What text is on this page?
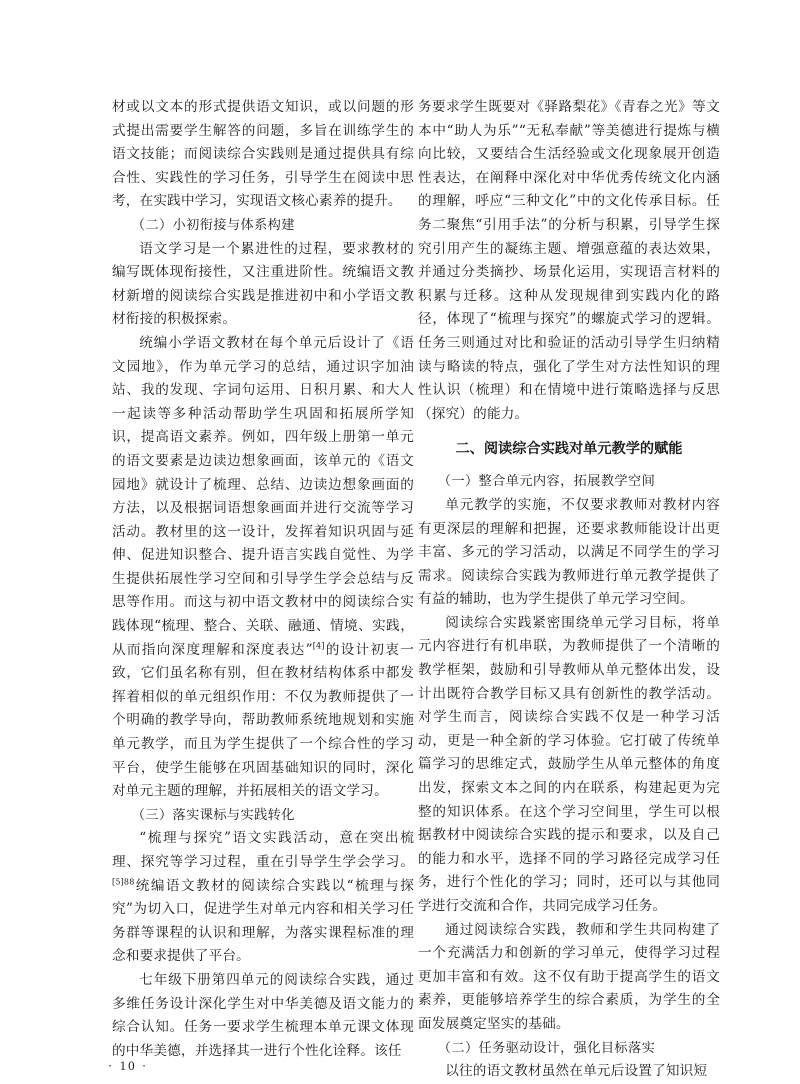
材或以文本的形式提供语文知识，或以问题的形式提出需要学生解答的问题，多旨在训练学生的语文技能；而阅读综合实践则是通过提供具有综合性、实践性的学习任务，引导学生在阅读中思考，在实践中学习，实现语文核心素养的提升。

（二）小初衔接与体系构建

语文学习是一个累进性的过程，要求教材的编写既体现衔接性，又注重进阶性。统编语文教材新增的阅读综合实践是推进初中和小学语文教材衔接的积极探索。

统编小学语文教材在每个单元后设计了《语文园地》，作为单元学习的总结，通过识字加油站、我的发现、字词句运用、日积月累、和大人一起读等多种活动帮助学生巩固和拓展所学知识，提高语文素养。例如，四年级上册第一单元的语文要素是边读边想象画面，该单元的《语文园地》就设计了梳理、总结、边读边想象画面的方法，以及根据词语想象画面并进行交流等学习活动。教材里的这一设计，发挥着知识巩固与延伸、促进知识整合、提升语言实践自觉性、为学生提供拓展性学习空间和引导学生学会总结与反思等作用。而这与初中语文教材中的阅读综合实践体现“梳理、整合、关联、融通、情境、实践，从而指向深度理解和深度表达”[4]的设计初衷一致，它们虽名称有别，但在教材结构体系中都发挥着相似的单元组织作用：不仅为教师提供了一个明确的教学导向，帮助教师系统地规划和实施单元教学，而且为学生提供了一个综合性的学习平台，使学生能够在巩固基础知识的同时，深化对单元主题的理解，并拓展相关的语文学习。

（三）落实课标与实践转化

“梳理与探究”语文实践活动，意在突出梳理、探究等学习过程，重在引导学生学会学习。$^{[5]88}$统编语文教材的阅读综合实践以“梳理与探究”为切入口，促进学生对单元内容和相关学习任务群等课程的认识和理解，为落实课程标准的理念和要求提供了平台。

七年级下册第四单元的阅读综合实践，通过多维任务设计深化学生对中华美德及语文能力的综合认知。任务一要求学生梳理本单元课文体现的中华美德，并选择其一进行个性化诠释。该任

务要求学生既要对《驿路梨花》《青春之光》等文本中“助人为乐”“无私奉献”等美德进行提炼与横向比较，又要结合生活经验或文化现象展开创造性表达，在阐释中深化对中华优秀传统文化内涵的理解，呼应“三种文化”中的文化传承目标。任务二聚焦“引用手法”的分析与积累，引导学生探究引用产生的凝练主题、增强意蕴的表达效果，并通过分类摘抄、场景化运用，实现语言材料的积累与迁移。这种从发现规律到实践内化的路径，体现了“梳理与探究”的螺旋式学习的逻辑。任务三则通过对比和验证的活动引导学生归纳精读与略读的特点，强化了学生对方法性知识的理性认识（梳理）和在情境中进行策略选择与反思（探究）的能力。

二、阅读综合实践对单元教学的赋能

（一）整合单元内容，拓展教学空间

单元教学的实施，不仅要求教师对教材内容有更深层的理解和把握，还要求教师能设计出更丰富、多元的学习活动，以满足不同学生的学习需求。阅读综合实践为教师进行单元教学提供了有益的辅助，也为学生提供了单元学习空间。

阅读综合实践紧密围绕单元学习目标，将单元内容进行有机串联，为教师提供了一个清晰的教学框架，鼓励和引导教师从单元整体出发，设计出既符合教学目标又具有创新性的教学活动。对学生而言，阅读综合实践不仅是一种学习活动，更是一种全新的学习体验。它打破了传统单篇学习的思维定式，鼓励学生从单元整体的角度出发，探索文本之间的内在联系，构建起更为完整的知识体系。在这个学习空间里，学生可以根据教材中阅读综合实践的提示和要求，以及自己的能力和水平，选择不同的学习路径完成学习任务，进行个性化的学习；同时，还可以与其他同学进行交流和合作，共同完成学习任务。

通过阅读综合实践，教师和学生共同构建了一个充满活力和创新的学习单元，使得学习过程更加丰富和有效。这不仅有助于提高学生的语文素养，更能够培养学生的综合素质，为学生的全面发展奠定坚实的基础。

（二）任务驱动设计，强化目标落实

以往的语文教材虽然在单元后设置了知识短

· 10 ·
